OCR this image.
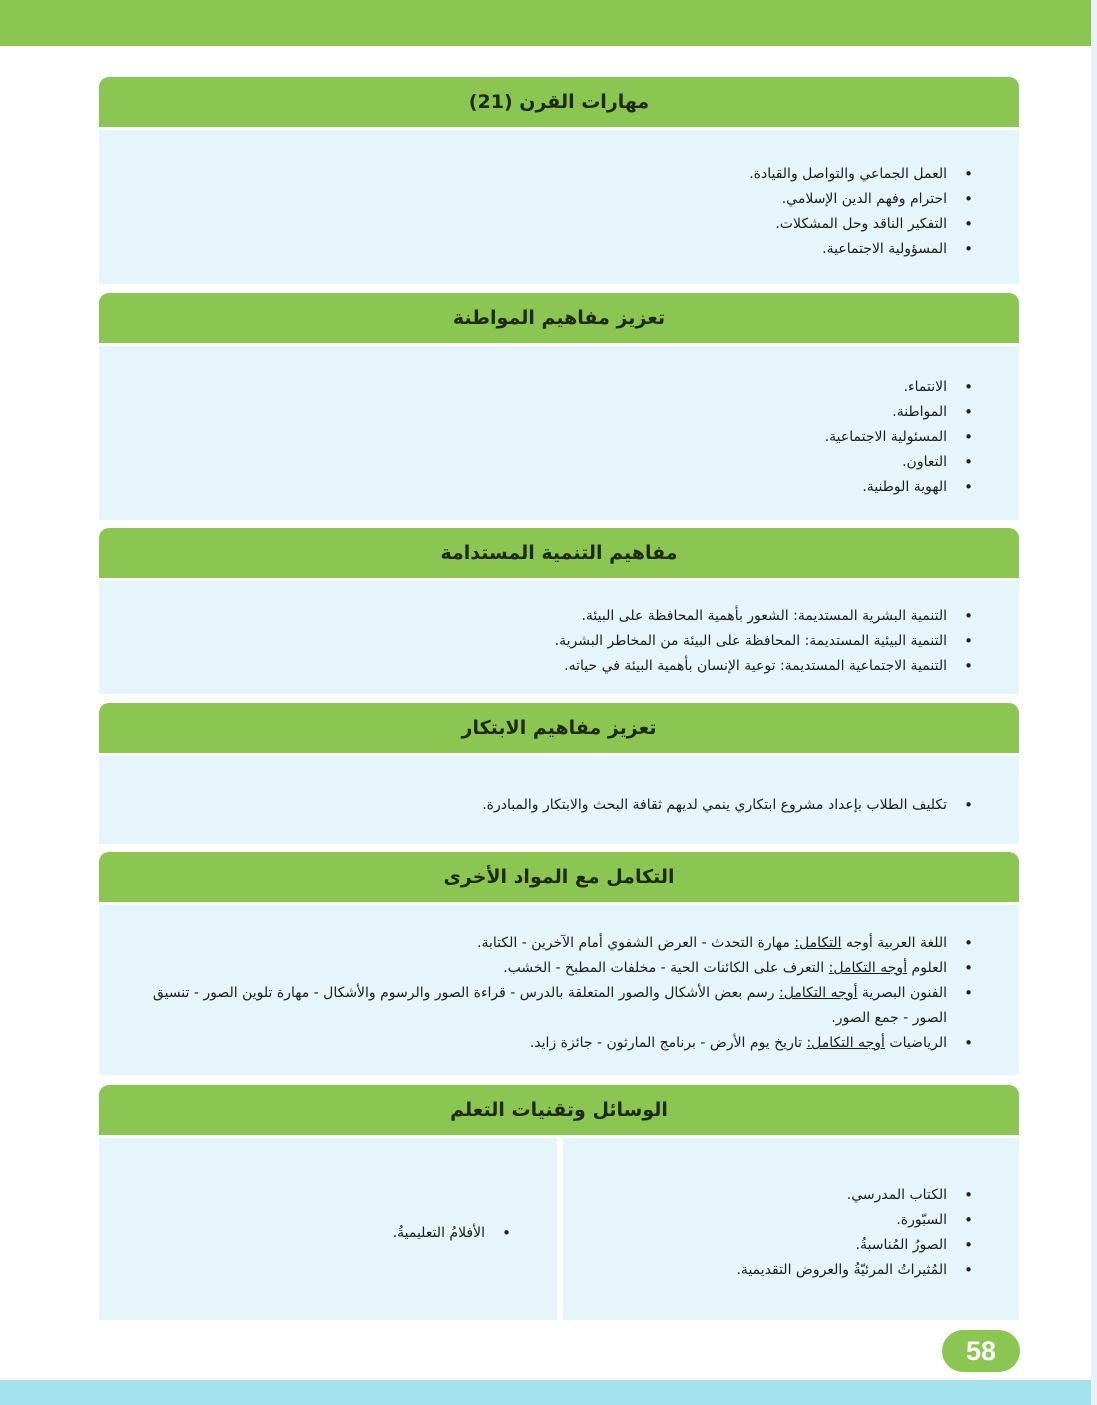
مهارات القرن (21)
• العمل الجماعي والتواصل والقيادة.
• احترام وفهم الدين الإسلامي.
• التفكير الناقد وحل المشكلات.
• المسؤولية الاجتماعية.
تعزيز مفاهيم المواطنة
• الانتماء.
• المواطنة.
• المسئولية الاجتماعية.
• التعاون.
• الهوية الوطنية.
مفاهيم التنمية المستدامة
• التنمية البشرية المستديمة: الشعور بأهمية المحافظة على البيئة.
• التنمية البيئية المستديمة: المحافظة على البيئة من المخاطر البشرية.
• التنمية الاجتماعية المستديمة: توعية الإنسان بأهمية البيئة في حياته.
تعزيز مفاهيم الابتكار
• تكليف الطلاب بإعداد مشروع ابتكاري ينمي لديهم ثقافة البحث والابتكار والمبادرة.
التكامل مع المواد الأخرى
• اللغة العربية أوجه التكامل: مهارة التحدث - العرض الشفوي أمام الآخرين - الكتابة.
• العلوم أوجه التكامل: التعرف على الكائنات الحية - مخلفات المطبخ - الخشب.
• الفنون البصرية أوجه التكامل: رسم بعض الأشكال والصور المتعلقة بالدرس - قراءة الصور والرسوم والأشكال - مهارة تلوين الصور - تنسيق الصور - جمع الصور.
• الرياضيات أوجه التكامل: تاريخ يوم الأرض - برنامج المارثون - جائزة زايد.
الوسائل وتقنيات التعلم
• الكتاب المدرسي.
• السبّورة.
• الصورُ المُناسبةُ.
• المُثيراتُ المرئيّةُ والعروض التقديمية.
• الأفلامُ التعليميةُ.
58
